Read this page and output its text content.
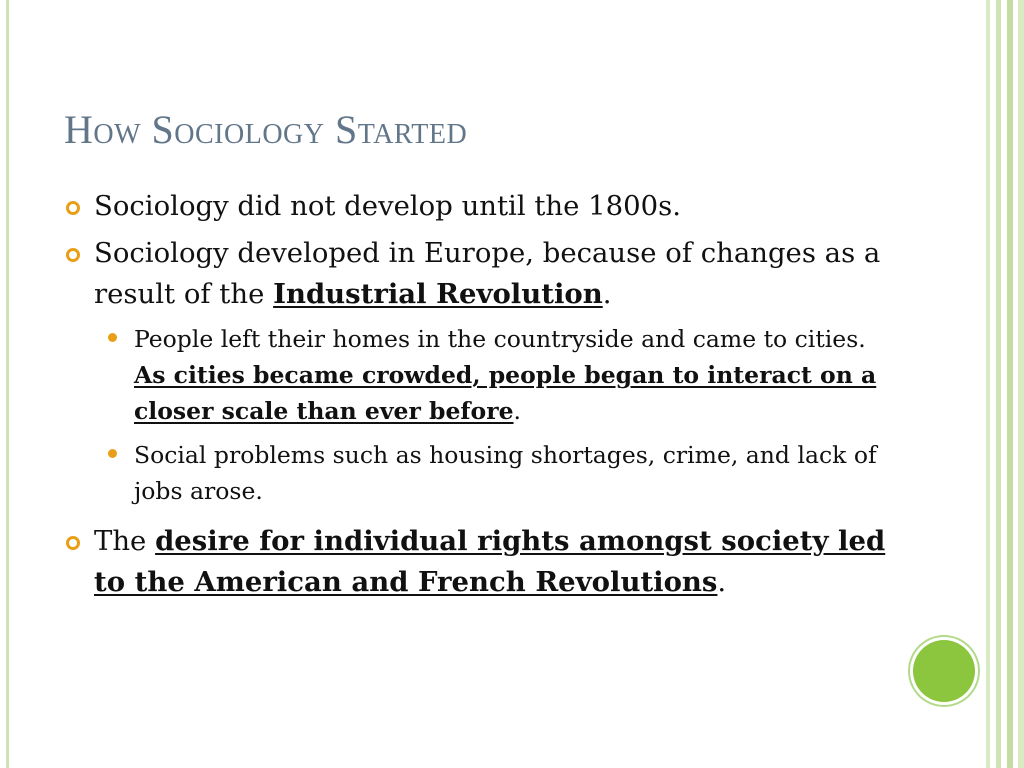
How Sociology Started
Sociology did not develop until the 1800s.
Sociology developed in Europe, because of changes as a result of the Industrial Revolution.
People left their homes in the countryside and came to cities. As cities became crowded, people began to interact on a closer scale than ever before.
Social problems such as housing shortages, crime, and lack of jobs arose.
The desire for individual rights amongst society led to the American and French Revolutions.
